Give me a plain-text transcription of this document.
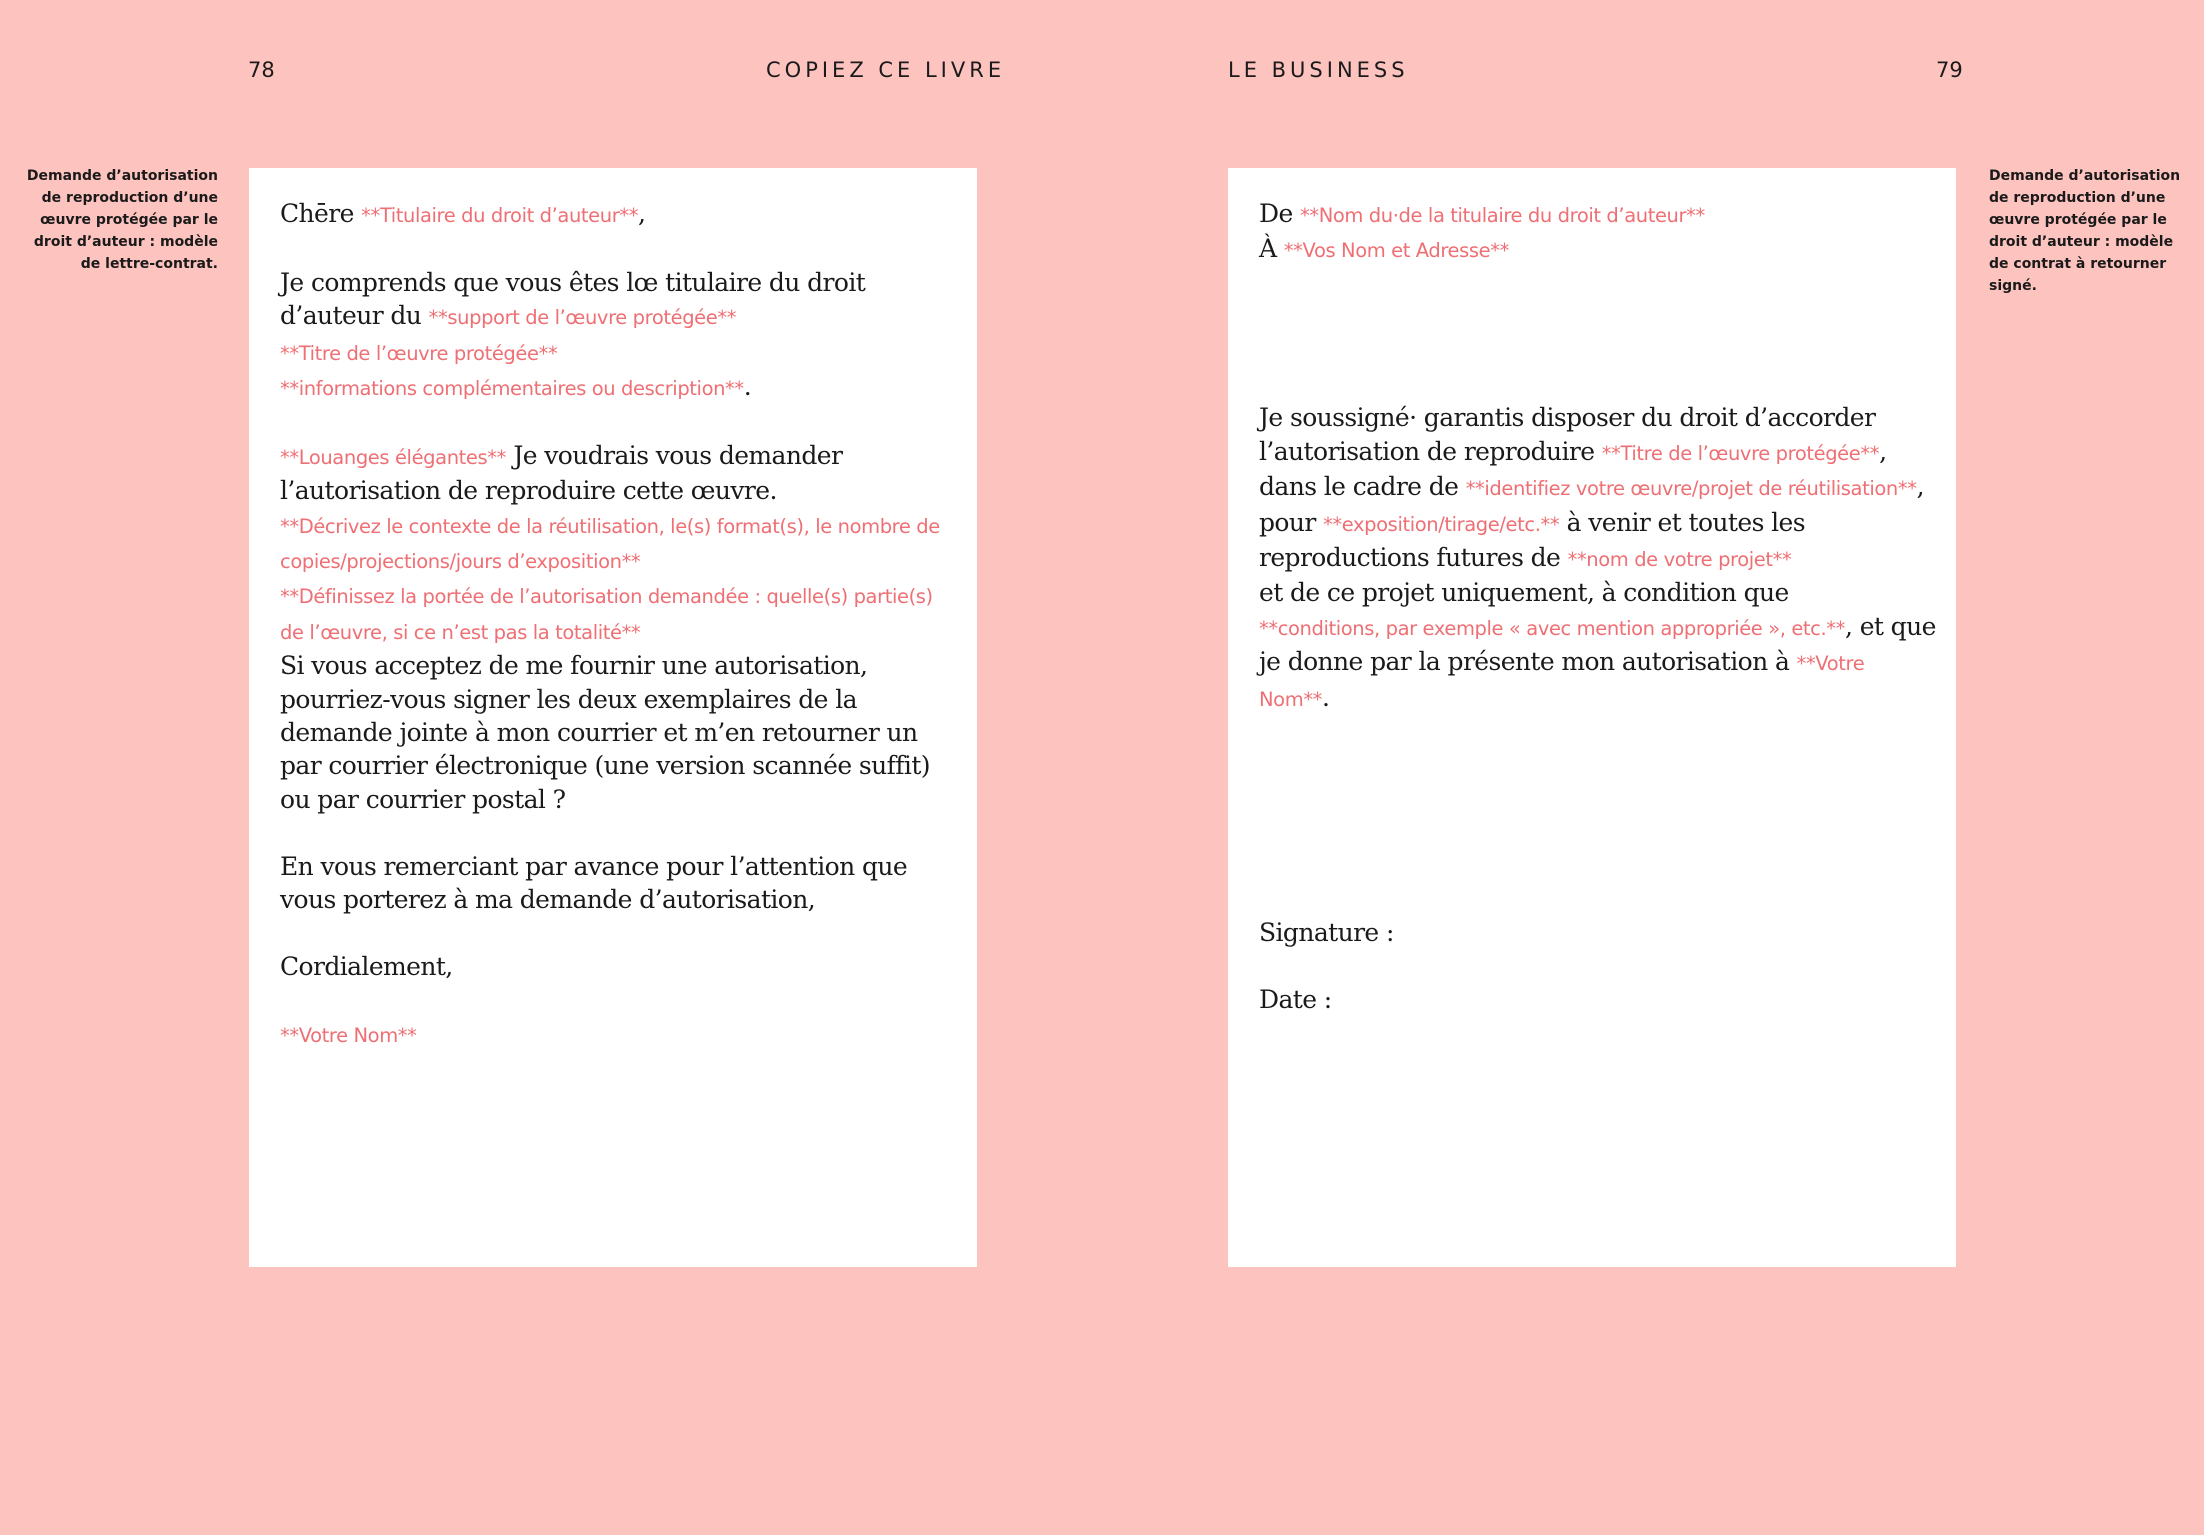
78	COPIEZ CE LIVRE	LE BUSINESS	79
Demande d’autorisation de reproduction d’une œuvre protégée par le droit d’auteur : modèle de lettre-contrat.
Demande d’autorisation de reproduction d’une œuvre protégée par le droit d’auteur : modèle de contrat à retourner signé.

Chēre **Titulaire du droit d’auteur**,

Je comprends que vous êtes lœ titulaire du droit d’auteur du **support de l’œuvre protégée**
**Titre de l’œuvre protégée**
**informations complémentaires ou description**.

**Louanges élégantes** Je voudrais vous demander l’autorisation de reproduire cette œuvre.
**Décrivez le contexte de la réutilisation, le(s) format(s), le nombre de copies/projections/jours d’exposition**
**Définissez la portée de l’autorisation demandée : quelle(s) partie(s) de l’œuvre, si ce n’est pas la totalité**

Si vous acceptez de me fournir une autorisation, pourriez-vous signer les deux exemplaires de la demande jointe à mon courrier et m’en retourner un par courrier électronique (une version scannée suffit) ou par courrier postal ?

En vous remerciant par avance pour l’attention que vous porterez à ma demande d’autorisation,

Cordialement,

**Votre Nom**

De **Nom du·de la titulaire du droit d’auteur**

À **Vos Nom et Adresse**

Je soussigné· garantis disposer du droit d’accorder l’autorisation de reproduire **Titre de l’œuvre protégée**, dans le cadre de **identifiez votre œuvre/projet de réutilisation**, pour **exposition/tirage/etc.** à venir et toutes les reproductions futures de **nom de votre projet**
et de ce projet uniquement, à condition que
**conditions, par exemple « avec mention appropriée », etc.**, et que je donne par la présente mon autorisation à **Votre Nom**.

Signature :

Date :
